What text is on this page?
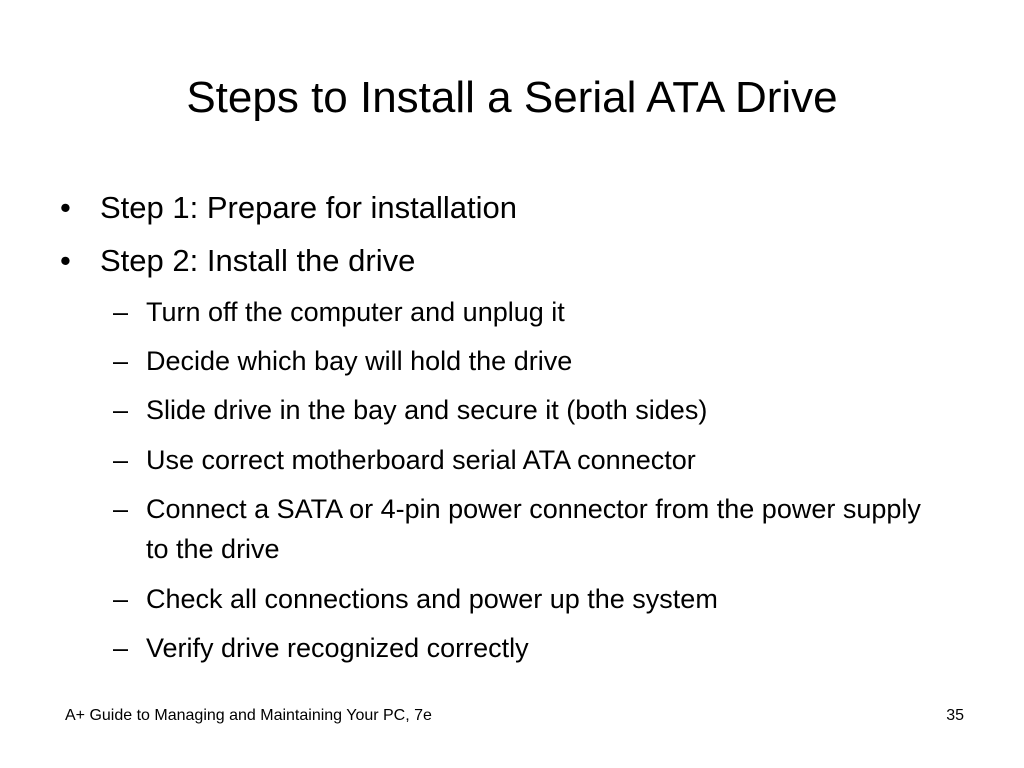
Steps to Install a Serial ATA Drive
• Step 1: Prepare for installation
• Step 2: Install the drive
– Turn off the computer and unplug it
– Decide which bay will hold the drive
– Slide drive in the bay and secure it (both sides)
– Use correct motherboard serial ATA connector
– Connect a SATA or 4-pin power connector from the power supply to the drive
– Check all connections and power up the system
– Verify drive recognized correctly
A+ Guide to Managing and Maintaining Your PC, 7e	35
